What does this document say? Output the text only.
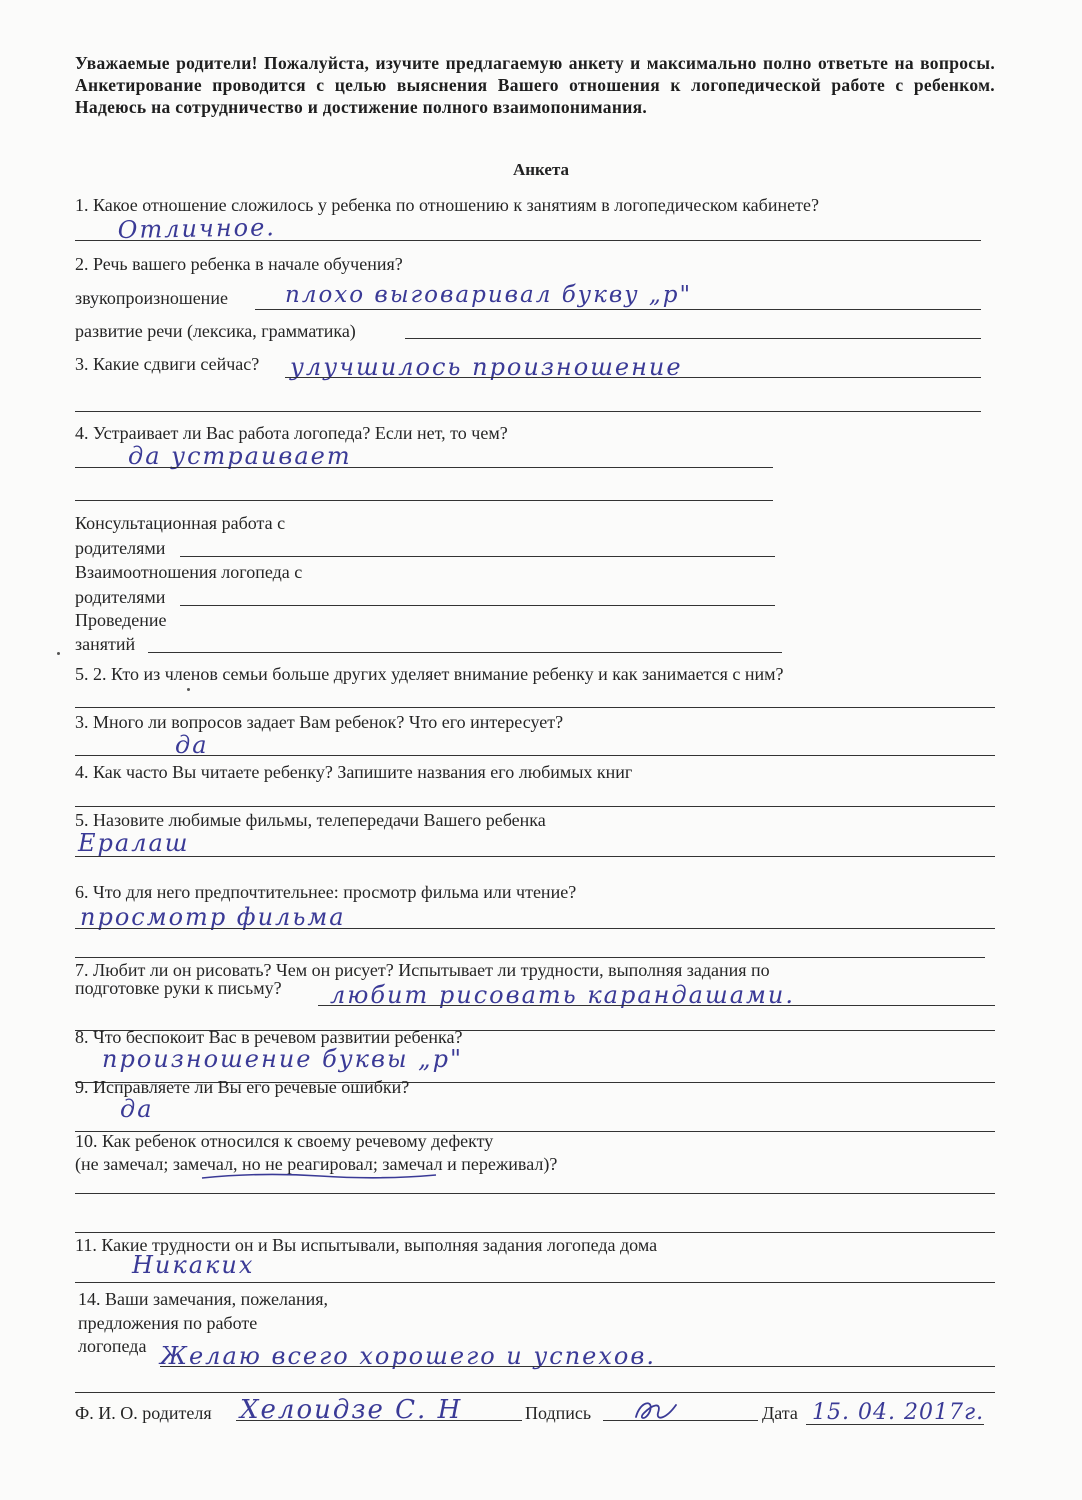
Уважаемые родители! Пожалуйста, изучите предлагаемую анкету и максимально полно ответьте на вопросы. Анкетирование проводится с целью выяснения Вашего отношения к логопедической работе с ребенком. Надеюсь на сотрудничество и достижение полного взаимопонимания.
Анкета
1. Какое отношение сложилось у ребенка по отношению к занятиям в логопедическом кабинете?
Отличное.
2. Речь вашего ребенка в начале обучения?
звукопроизношение плохо выговаривал букву „р"
развитие речи (лексика, грамматика)
3. Какие сдвиги сейчас? улучшилось произношение
4. Устраивает ли Вас работа логопеда? Если нет, то чем?
да устраивает
Консультационная работа с
родителями
Взаимоотношения логопеда с
родителями
Проведение
занятий
5. 2. Кто из членов семьи больше других уделяет внимание ребенку и как занимается с ним?
3. Много ли вопросов задает Вам ребенок? Что его интересует?
да
4. Как часто Вы читаете ребенку? Запишите названия его любимых книг
5. Назовите любимые фильмы, телепередачи Вашего ребенка
Ералаш
6. Что для него предпочтительнее: просмотр фильма или чтение?
просмотр фильма
7. Любит ли он рисовать? Чем он рисует? Испытывает ли трудности, выполняя задания по
подготовке руки к письму? любит рисовать карандашами.
8. Что беспокоит Вас в речевом развитии ребенка?
произношение буквы „р"
9. Исправляете ли Вы его речевые ошибки?
да
10. Как ребенок относился к своему речевому дефекту
(не замечал; замечал, но не реагировал; замечал и переживал)?
11. Какие трудности он и Вы испытывали, выполняя задания логопеда дома
Никаких
14. Ваши замечания, пожелания,
предложения по работе
логопеда Желаю всего хорошего и успехов.
Ф. И. О. родителя Хелоидзе С. Н	Подпись	Дата 15. 04. 2017г.
